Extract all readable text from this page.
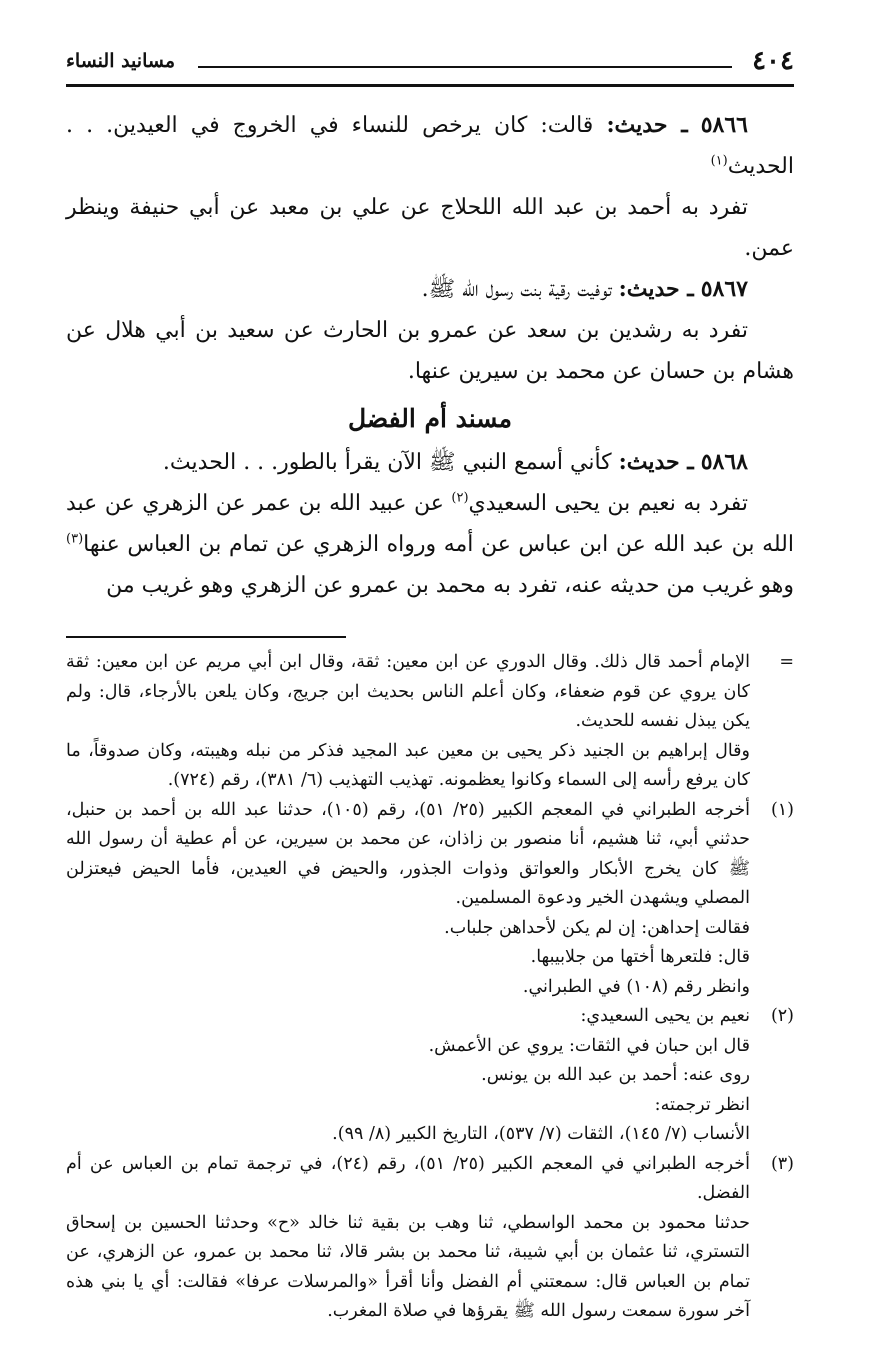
٤٠٤
مسانيد النساء

٥٨٦٦ ـ حديث: قالت: كان يرخص للنساء في الخروج في العيدين. . . الحديث$^{(١)}$

تفرد به أحمد بن عبد الله اللحلاج عن علي بن معبد عن أبي حنيفة وينظر عمن.

٥٨٦٧ ـ حديث: توفيت رقية بنت رسول الله ﷺ.

تفرد به رشدين بن سعد عن عمرو بن الحارث عن سعيد بن أبي هلال عن هشام بن حسان عن محمد بن سيرين عنها.

مسند أم الفضل

٥٨٦٨ ـ حديث: كأني أسمع النبي ﷺ الآن يقرأ بالطور. . . الحديث.

تفرد به نعيم بن يحيى السعيدي$^{(٢)}$ عن عبيد الله بن عمر عن الزهري عن عبد الله بن عبد الله عن ابن عباس عن أمه ورواه الزهري عن تمام بن العباس عنها$^{(٣)}$ وهو غريب من حديثه عنه، تفرد به محمد بن عمرو عن الزهري وهو غريب من

=

الإمام أحمد قال ذلك. وقال الدوري عن ابن معين: ثقة، وقال ابن أبي مريم عن ابن معين: ثقة كان يروي عن قوم ضعفاء، وكان أعلم الناس بحديث ابن جريج، وكان يلعن بالأرجاء، قال: ولم يكن يبذل نفسه للحديث.

وقال إبراهيم بن الجنيد ذكر يحيى بن معين عبد المجيد فذكر من نبله وهيبته، وكان صدوقاً، ما كان يرفع رأسه إلى السماء وكانوا يعظمونه. تهذيب التهذيب (٦/ ٣٨١)، رقم (٧٢٤).

(١)

أخرجه الطبراني في المعجم الكبير (٢٥/ ٥١)، رقم (١٠٥)، حدثنا عبد الله بن أحمد بن حنبل، حدثني أبي، ثنا هشيم، أنا منصور بن زاذان، عن محمد بن سيرين، عن أم عطية أن رسول الله ﷺ كان يخرج الأبكار والعواتق وذوات الجذور، والحيض في العيدين، فأما الحيض فيعتزلن المصلي ويشهدن الخير ودعوة المسلمين.

فقالت إحداهن: إن لم يكن لأحداهن جلباب.

قال: فلتعرها أختها من جلابيبها.

وانظر رقم (١٠٨) في الطبراني.

(٢)

نعيم بن يحيى السعيدي:

قال ابن حبان في الثقات: يروي عن الأعمش.

روى عنه: أحمد بن عبد الله بن يونس.

انظر ترجمته:

الأنساب (٧/ ١٤٥)، الثقات (٧/ ٥٣٧)، التاريخ الكبير (٨/ ٩٩).

(٣)

أخرجه الطبراني في المعجم الكبير (٢٥/ ٥١)، رقم (٢٤)، في ترجمة تمام بن العباس عن أم الفضل.

حدثنا محمود بن محمد الواسطي، ثنا وهب بن بقية ثنا خالد «ح» وحدثنا الحسين بن إسحاق التستري، ثنا عثمان بن أبي شيبة، ثنا محمد بن بشر قالا، ثنا محمد بن عمرو، عن الزهري، عن تمام بن العباس قال: سمعتني أم الفضل وأنا أقرأ «والمرسلات عرفا» فقالت: أي يا بني هذه آخر سورة سمعت رسول الله ﷺ يقرؤها في صلاة المغرب.
